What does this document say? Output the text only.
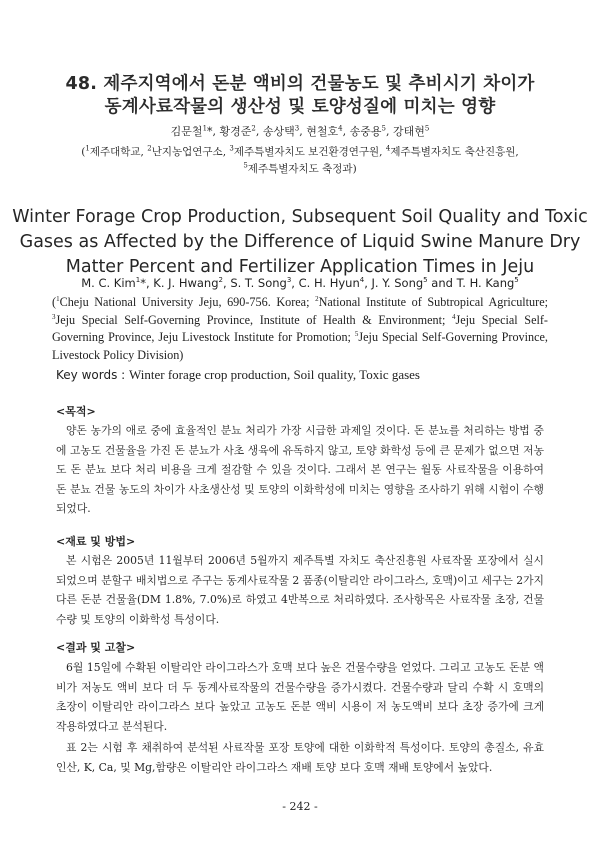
48. 제주지역에서 돈분 액비의 건물농도 및 추비시기 차이가
동계사료작물의 생산성 및 토양성질에 미치는 영향
김문철$^1$*, 황경준$^2$, 송상택$^3$, 현철호$^4$, 송중용$^5$, 강태현$^5$
($^1$제주대학교, $^2$난지농업연구소, $^3$제주특별자치도 보건환경연구원, $^4$제주특별자치도 축산진흥원,
$^5$제주특별자치도 축정과)
Winter Forage Crop Production, Subsequent Soil Quality and Toxic
Gases as Affected by the Difference of Liquid Swine Manure Dry
Matter Percent and Fertilizer Application Times in Jeju
M. C. Kim$^1$*, K. J. Hwang$^2$, S. T. Song$^3$, C. H. Hyun$^4$, J. Y. Song$^5$ and T. H. Kang$^5$
($^1$Cheju National University Jeju, 690-756. Korea; $^2$National Institute of Subtropical Agriculture; $^3$Jeju Special Self-Governing Province, Institute of Health & Environment; $^4$Jeju Special Self-Governing Province, Jeju Livestock Institute for Promotion; $^5$Jeju Special Self-Governing Province, Livestock Policy Division)
Key words : Winter forage crop production, Soil quality, Toxic gases
<목적>
양돈 농가의 애로 중에 효율적인 분뇨 처리가 가장 시급한 과제일 것이다. 돈 분뇨를 처리하는 방법 중에 고농도 건물율을 가진 돈 분뇨가 사초 생육에 유독하지 않고, 토양 화학성 등에 큰 문제가 없으면 저농도 돈 분뇨 보다 처리 비용을 크게 절감할 수 있을 것이다. 그래서 본 연구는 월동 사료작물을 이용하여 돈 분뇨 건물 농도의 차이가 사초생산성 및 토양의 이화학성에 미치는 영향을 조사하기 위해 시험이 수행되었다.
<재료 및 방법>
본 시험은 2005년 11월부터 2006년 5월까지 제주특별 자치도 축산진흥원 사료작물 포장에서 실시되었으며 분할구 배치법으로 주구는 동계사료작물 2 품종(이탈리안 라이그라스, 호맥)이고 세구는 2가지 다른 돈분 건물율(DM 1.8%, 7.0%)로 하였고 4반복으로 처리하였다. 조사항목은 사료작물 초장, 건물수량 및 토양의 이화학성 특성이다.
<결과 및 고찰>
6월 15일에 수확된 이탈리안 라이그라스가 호맥 보다 높은 건물수량을 얻었다. 그리고 고농도 돈분 액비가 저농도 액비 보다 더 두 동계사료작물의 건물수량을 증가시켰다. 건물수량과 달리 수확 시 호맥의 초장이 이탈리안 라이그라스 보다 높았고 고농도 돈분 액비 시용이 저 농도액비 보다 초장 증가에 크게 작용하였다고 분석된다.
표 2는 시험 후 채취하여 분석된 사료작물 포장 토양에 대한 이화학적 특성이다. 토양의 총질소, 유효인산, K, Ca, 및 Mg,함량은 이탈리안 라이그라스 재배 토양 보다 호맥 재배 토양에서 높았다.
- 242 -
